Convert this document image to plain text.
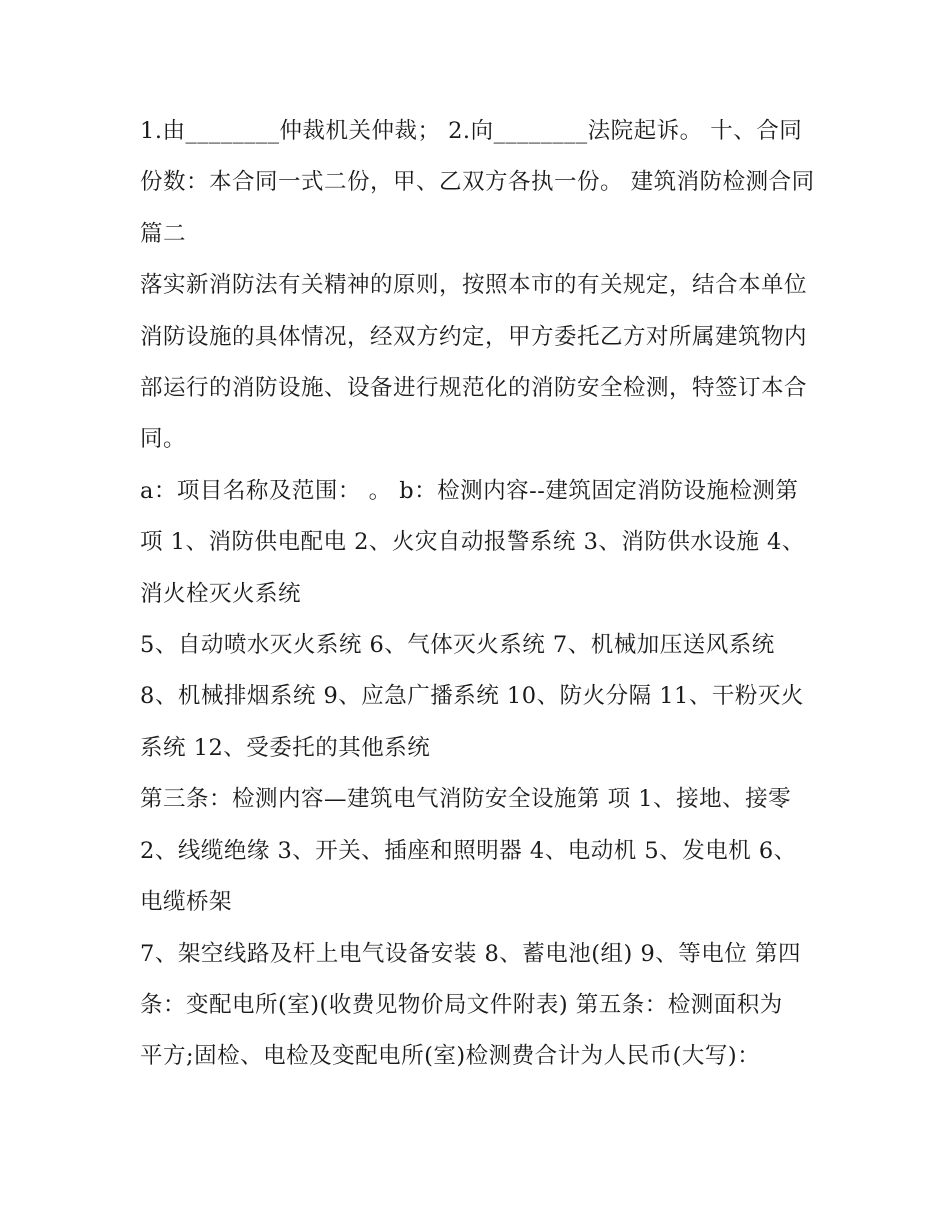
1.由________仲裁机关仲裁； 2.向________法院起诉。 十、合同份数：本合同一式二份，甲、乙双方各执一份。 建筑消防检测合同篇二

落实新消防法有关精神的原则，按照本市的有关规定，结合本单位消防设施的具体情况，经双方约定，甲方委托乙方对所属建筑物内部运行的消防设施、设备进行规范化的消防安全检测，特签订本合同。

a：项目名称及范围： 。 b：检测内容--建筑固定消防设施检测第 项 1、消防供电配电 2、火灾自动报警系统 3、消防供水设施 4、消火栓灭火系统

5、自动喷水灭火系统 6、气体灭火系统 7、机械加压送风系统 8、机械排烟系统 9、应急广播系统 10、防火分隔 11、干粉灭火系统 12、受委托的其他系统

第三条：检测内容—建筑电气消防安全设施第 项 1、接地、接零 2、线缆绝缘 3、开关、插座和照明器 4、电动机 5、发电机 6、电缆桥架

7、架空线路及杆上电气设备安装 8、蓄电池(组) 9、等电位 第四条：变配电所(室)(收费见物价局文件附表) 第五条：检测面积为

平方;固检、电检及变配电所(室)检测费合计为人民币(大写)：
